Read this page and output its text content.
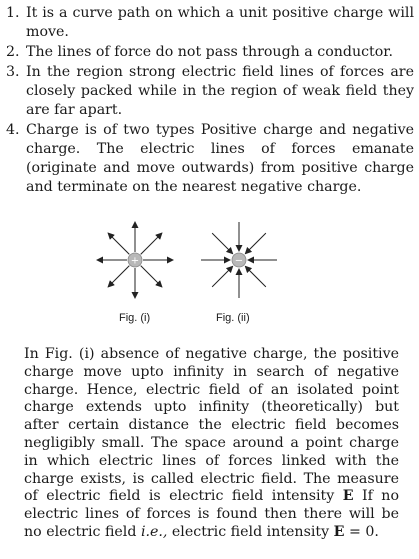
1. It is a curve path on which a unit positive charge will move.
2. The lines of force do not pass through a conductor.
3. In the region strong electric field lines of forces are closely packed while in the region of weak field they are far apart.
4. Charge is of two types Positive charge and negative charge. The electric lines of forces emanate (originate and move outwards) from positive charge and terminate on the nearest negative charge.
+	−
Fig. (i)	Fig. (ii)

In Fig. (i) absence of negative charge, the positive charge move upto infinity in search of negative charge. Hence, electric field of an isolated point charge extends upto infinity (theoretically) but after certain distance the electric field becomes negligibly small. The space around a point charge in which electric lines of forces linked with the charge exists, is called electric field. The measure of electric field is electric field intensity E If no electric lines of forces is found then there will be no electric field i.e., electric field intensity E = 0.
